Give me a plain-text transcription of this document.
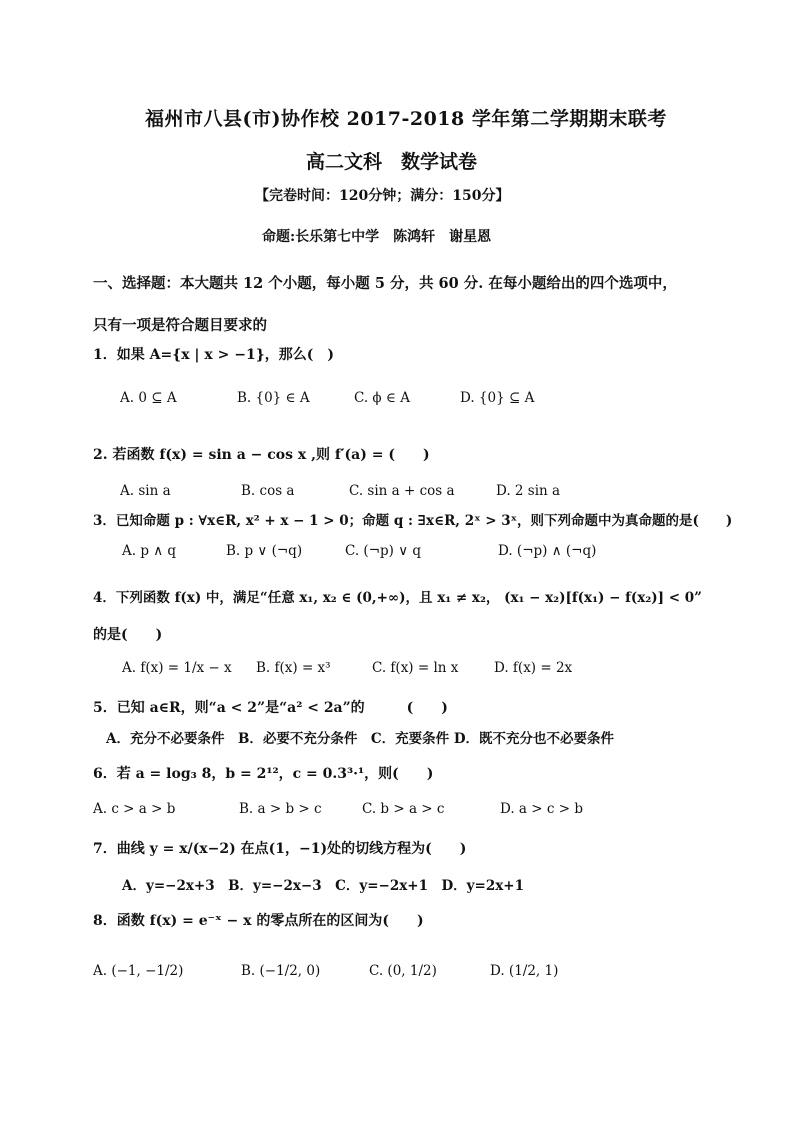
福州市八县(市)协作校 2017-2018 学年第二学期期末联考
高二文科　数学试卷
【完卷时间：120分钟；满分：150分】
命题:长乐第七中学　陈鸿轩　谢星恩
一、选择题：本大题共 12 个小题，每小题 5 分，共 60 分. 在每小题给出的四个选项中，
只有一项是符合题目要求的
1．如果 A={x | x > −1}，那么(　)
A. 0 ⊆ A	B. {0} ∈ A	C. ϕ ∈ A	D. {0} ⊆ A
2. 若函数 f(x) = sin a − cos x ,则 f′(a) = (　　)
A. sin a	B. cos a	C. sin a + cos a	D. 2 sin a
3．已知命题 p : ∀x∈R, x² + x − 1 > 0；命题 q : ∃x∈R, 2ˣ > 3ˣ，则下列命题中为真命题的是(　　)
A. p ∧ q	B. p ∨ (¬q)	C. (¬p) ∨ q	D. (¬p) ∧ (¬q)
4．下列函数 f(x) 中，满足“任意 x₁, x₂ ∈ (0,+∞)，且 x₁ ≠ x₂， (x₁ − x₂)[f(x₁) − f(x₂)] < 0”
的是(　　)
A. f(x) = 1/x − x B. f(x) = x³	C. f(x) = ln x	D. f(x) = 2x
5．已知 a∈R，则“a < 2”是“a² < 2a”的　　　(　　)
A．充分不必要条件　B．必要不充分条件　C．充要条件 D．既不充分也不必要条件
6．若 a = log₃ 8，b = 2¹²，c = 0.3³·¹，则(　　)
A. c > a > b	B. a > b > c	C. b > a > c	D. a > c > b
7．曲线 y = x/(x−2) 在点(1，−1)处的切线方程为(　　)
A．y=−2x+3　B．y=−2x−3　C．y=−2x+1　D．y=2x+1
8．函数 f(x) = e⁻ˣ − x 的零点所在的区间为(　　)
A. (−1, −1/2)	B. (−1/2, 0)	C. (0, 1/2)	D. (1/2, 1)
